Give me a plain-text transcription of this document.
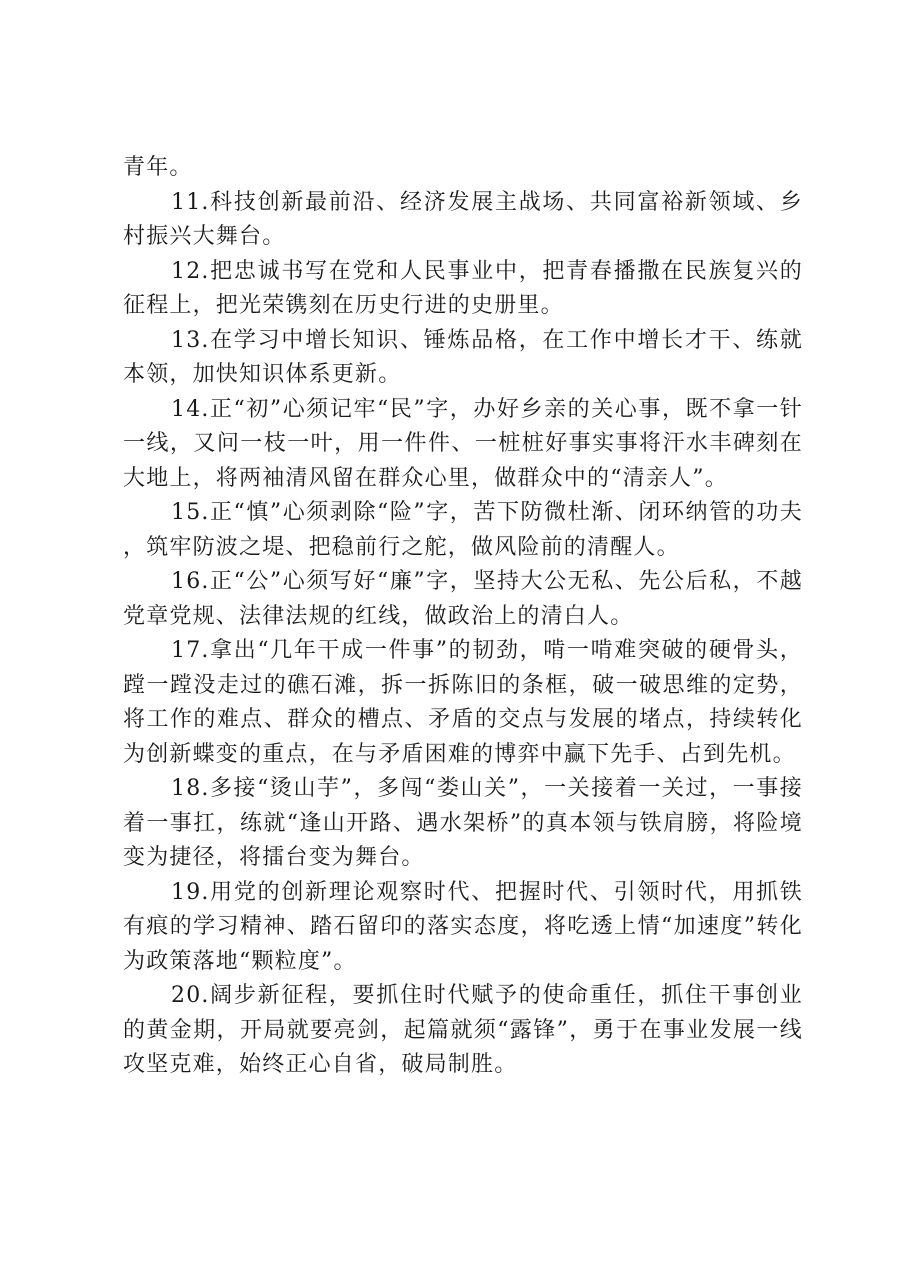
青年。

11.科技创新最前沿、经济发展主战场、共同富裕新领域、乡村振兴大舞台。

12.把忠诚书写在党和人民事业中，把青春播撒在民族复兴的征程上，把光荣镌刻在历史行进的史册里。

13.在学习中增长知识、锤炼品格，在工作中增长才干、练就本领，加快知识体系更新。

14.正“初”心须记牢“民”字，办好乡亲的关心事，既不拿一针一线，又问一枝一叶，用一件件、一桩桩好事实事将汗水丰碑刻在大地上，将两袖清风留在群众心里，做群众中的“清亲人”。

15.正“慎”心须剥除“险”字，苦下防微杜渐、闭环纳管的功夫，筑牢防波之堤、把稳前行之舵，做风险前的清醒人。

16.正“公”心须写好“廉”字，坚持大公无私、先公后私，不越党章党规、法律法规的红线，做政治上的清白人。

17.拿出“几年干成一件事”的韧劲，啃一啃难突破的硬骨头，蹚一蹚没走过的礁石滩，拆一拆陈旧的条框，破一破思维的定势，将工作的难点、群众的槽点、矛盾的交点与发展的堵点，持续转化为创新蝶变的重点，在与矛盾困难的博弈中赢下先手、占到先机。

18.多接“烫山芋”，多闯“娄山关”，一关接着一关过，一事接着一事扛，练就“逢山开路、遇水架桥”的真本领与铁肩膀，将险境变为捷径，将擂台变为舞台。

19.用党的创新理论观察时代、把握时代、引领时代，用抓铁有痕的学习精神、踏石留印的落实态度，将吃透上情“加速度”转化为政策落地“颗粒度”。

20.阔步新征程，要抓住时代赋予的使命重任，抓住干事创业的黄金期，开局就要亮剑，起篇就须“露锋”，勇于在事业发展一线攻坚克难，始终正心自省，破局制胜。
